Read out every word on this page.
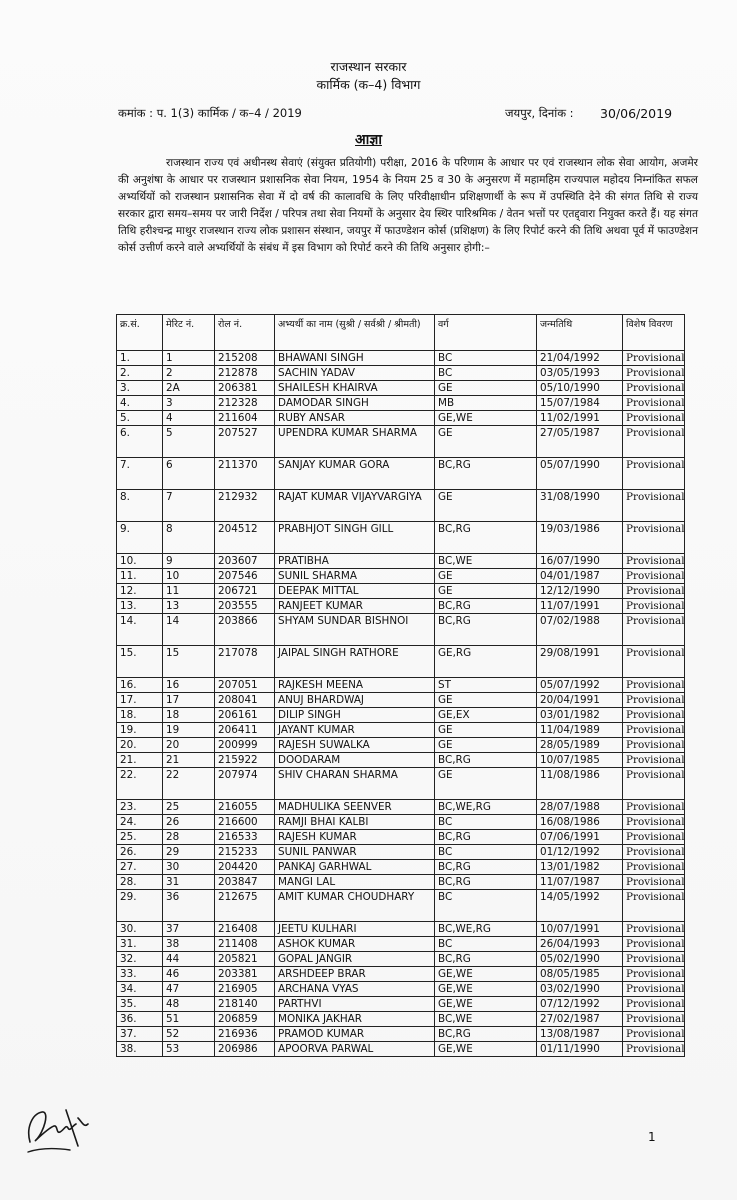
राजस्थान सरकार
कार्मिक (क–4) विभाग
कमांक : प. 1(3) कार्मिक / क–4 / 2019	जयपुर, दिनांक : 30/06/2019
आज्ञा
राजस्थान राज्य एवं अधीनस्थ सेवाएं (संयुक्त प्रतियोगी) परीक्षा, 2016 के परिणाम के आधार पर एवं राजस्थान लोक सेवा आयोग, अजमेर की अनुशंषा के आधार पर राजस्थान प्रशासनिक सेवा नियम, 1954 के नियम 25 व 30 के अनुसरण में महामहिम राज्यपाल महोदय निम्नांकित सफल अभ्यर्थियों को राजस्थान प्रशासनिक सेवा में दो वर्ष की कालावधि के लिए परिवीक्षाधीन प्रशिक्षणार्थी के रूप में उपस्थिति देने की संगत तिथि से राज्य सरकार द्वारा समय–समय पर जारी निर्देश / परिपत्र तथा सेवा नियमों के अनुसार देय स्थिर पारिश्रमिक / वेतन भत्तों पर एतद्द्वारा नियुक्त करते हैं। यह संगत तिथि हरीश्चन्द्र माथुर राजस्थान राज्य लोक प्रशासन संस्थान, जयपुर में फाउण्डेशन कोर्स (प्रशिक्षण) के लिए रिपोर्ट करने की तिथि अथवा पूर्व में फाउण्डेशन कोर्स उत्तीर्ण करने वाले अभ्यर्थियों के संबंध में इस विभाग को रिपोर्ट करने की तिथि अनुसार होगी:–
क्र.सं.	मेरिट नं.	रोल नं.	अभ्यर्थी का नाम (सुश्री / सर्वश्री / श्रीमती)	वर्ग	जन्मतिथि	विशेष विवरण
1.	1	215208	BHAWANI SINGH	BC	21/04/1992	Provisional
2.	2	212878	SACHIN YADAV	BC	03/05/1993	Provisional
3.	2A	206381	SHAILESH KHAIRVA	GE	05/10/1990	Provisional
4.	3	212328	DAMODAR SINGH	MB	15/07/1984	Provisional
5.	4	211604	RUBY ANSAR	GE,WE	11/02/1991	Provisional
6.	5	207527	UPENDRA KUMAR SHARMA	GE	27/05/1987	Provisional
7.	6	211370	SANJAY KUMAR GORA	BC,RG	05/07/1990	Provisional
8.	7	212932	RAJAT KUMAR VIJAYVARGIYA	GE	31/08/1990	Provisional
9.	8	204512	PRABHJOT SINGH GILL	BC,RG	19/03/1986	Provisional
10.	9	203607	PRATIBHA	BC,WE	16/07/1990	Provisional
11.	10	207546	SUNIL SHARMA	GE	04/01/1987	Provisional
12.	11	206721	DEEPAK MITTAL	GE	12/12/1990	Provisional
13.	13	203555	RANJEET KUMAR	BC,RG	11/07/1991	Provisional
14.	14	203866	SHYAM SUNDAR BISHNOI	BC,RG	07/02/1988	Provisional
15.	15	217078	JAIPAL SINGH RATHORE	GE,RG	29/08/1991	Provisional
16.	16	207051	RAJKESH MEENA	ST	05/07/1992	Provisional
17.	17	208041	ANUJ BHARDWAJ	GE	20/04/1991	Provisional
18.	18	206161	DILIP SINGH	GE,EX	03/01/1982	Provisional
19.	19	206411	JAYANT KUMAR	GE	11/04/1989	Provisional
20.	20	200999	RAJESH SUWALKA	GE	28/05/1989	Provisional
21.	21	215922	DOODARAM	BC,RG	10/07/1985	Provisional
22.	22	207974	SHIV CHARAN SHARMA	GE	11/08/1986	Provisional
23.	25	216055	MADHULIKA SEENVER	BC,WE,RG	28/07/1988	Provisional
24.	26	216600	RAMJI BHAI KALBI	BC	16/08/1986	Provisional
25.	28	216533	RAJESH KUMAR	BC,RG	07/06/1991	Provisional
26.	29	215233	SUNIL PANWAR	BC	01/12/1992	Provisional
27.	30	204420	PANKAJ GARHWAL	BC,RG	13/01/1982	Provisional
28.	31	203847	MANGI LAL	BC,RG	11/07/1987	Provisional
29.	36	212675	AMIT KUMAR CHOUDHARY	BC	14/05/1992	Provisional
30.	37	216408	JEETU KULHARI	BC,WE,RG	10/07/1991	Provisional
31.	38	211408	ASHOK KUMAR	BC	26/04/1993	Provisional
32.	44	205821	GOPAL JANGIR	BC,RG	05/02/1990	Provisional
33.	46	203381	ARSHDEEP BRAR	GE,WE	08/05/1985	Provisional
34.	47	216905	ARCHANA VYAS	GE,WE	03/02/1990	Provisional
35.	48	218140	PARTHVI	GE,WE	07/12/1992	Provisional
36.	51	206859	MONIKA JAKHAR	BC,WE	27/02/1987	Provisional
37.	52	216936	PRAMOD KUMAR	BC,RG	13/08/1987	Provisional
38.	53	206986	APOORVA PARWAL	GE,WE	01/11/1990	Provisional
1
